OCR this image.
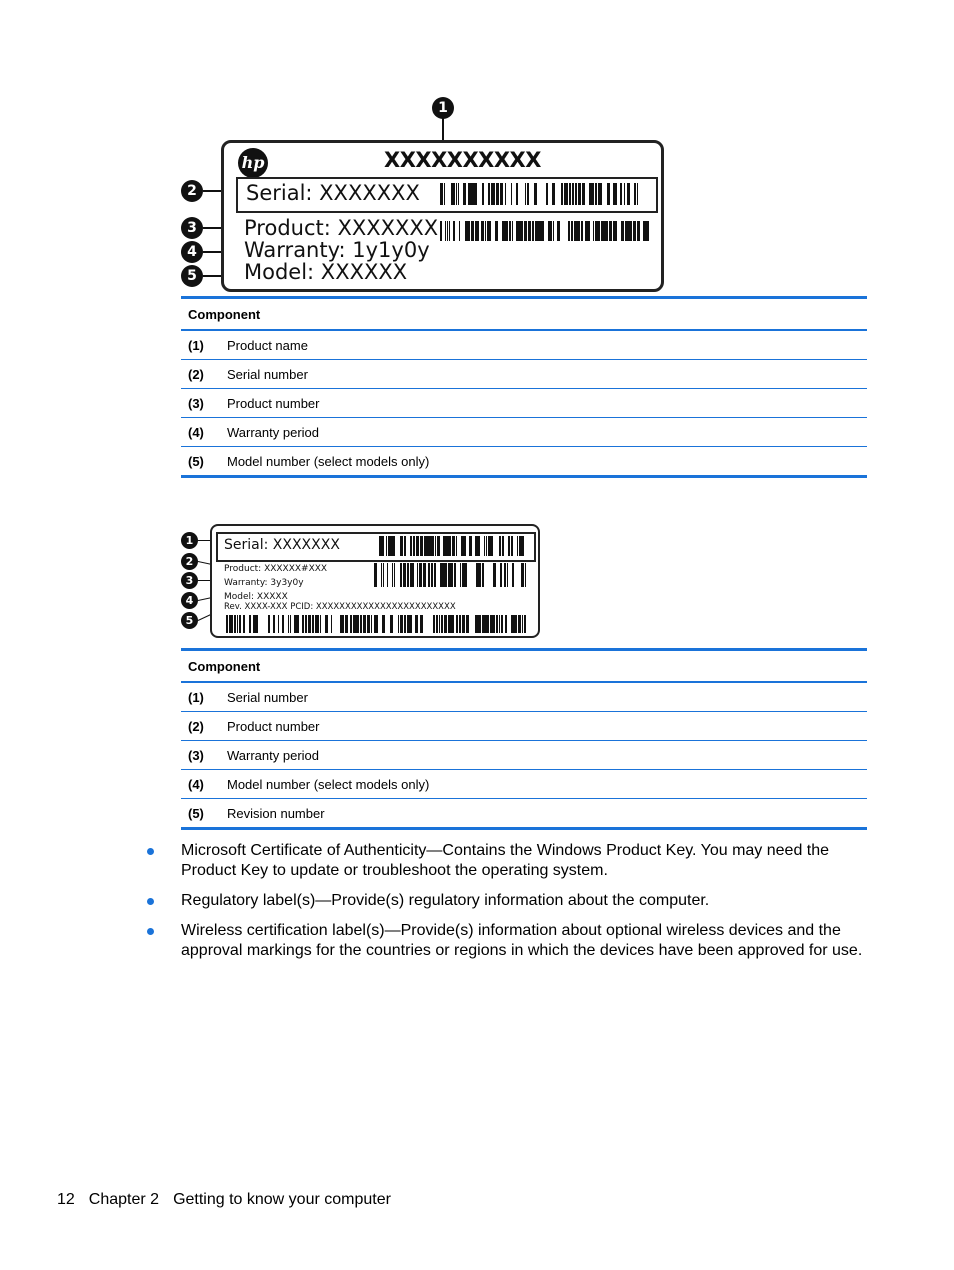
1
2
3
4
5
hp	XXXXXXXXXX
Serial: XXXXXXX
Product: XXXXXXX
Warranty: 1y1y0y
Model: XXXXXX
Component	
(1)	Product name
(2)	Serial number
(3)	Product number
(4)	Warranty period
(5)	Model number (select models only)
1
2
3
4
5
Serial: XXXXXXX
Product: XXXXXX#XXX
Warranty: 3y3y0y
Model: XXXXX
Rev. XXXX-XXX PCID: XXXXXXXXXXXXXXXXXXXXXXXX
Component	
(1)	Serial number
(2)	Product number
(3)	Warranty period
(4)	Model number (select models only)
(5)	Revision number
Microsoft Certificate of Authenticity—Contains the Windows Product Key. You may need the Product Key to update or troubleshoot the operating system.
Regulatory label(s)—Provide(s) regulatory information about the computer.
Wireless certification label(s)—Provide(s) information about optional wireless devices and the approval markings for the countries or regions in which the devices have been approved for use.
12 Chapter 2 Getting to know your computer
